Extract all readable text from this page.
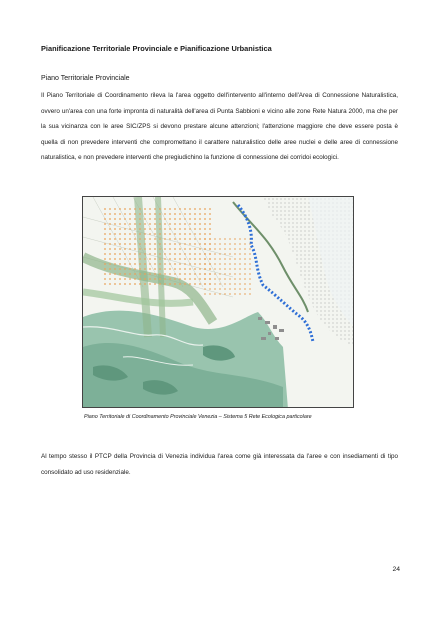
Pianificazione Territoriale Provinciale e Pianificazione Urbanistica
Piano Territoriale Provinciale
Il Piano Territoriale di Coordinamento rileva la l'area oggetto dell'intervento all'interno dell'Area di Connessione Naturalistica, ovvero un'area con una forte impronta di naturalità dell'area di Punta Sabbioni e vicino alle zone Rete Natura 2000, ma che per la sua vicinanza con le aree SIC/ZPS si devono prestare alcune attenzioni; l'attenzione maggiore che deve essere posta è quella di non prevedere interventi che compromettano il carattere naturalistico delle aree nuclei e delle aree di connessione naturalistica, e non prevedere interventi che pregiudichino la funzione di connessione dei corridoi ecologici.
Piano Territoriale di Coordinamento Provinciale Venezia – Sistema 5 Rete Ecologica particolare
Al tempo stesso il PTCP della Provincia di Venezia individua l'area come già interessata da l'aree e con insediamenti di tipo consolidato ad uso residenziale.
24
